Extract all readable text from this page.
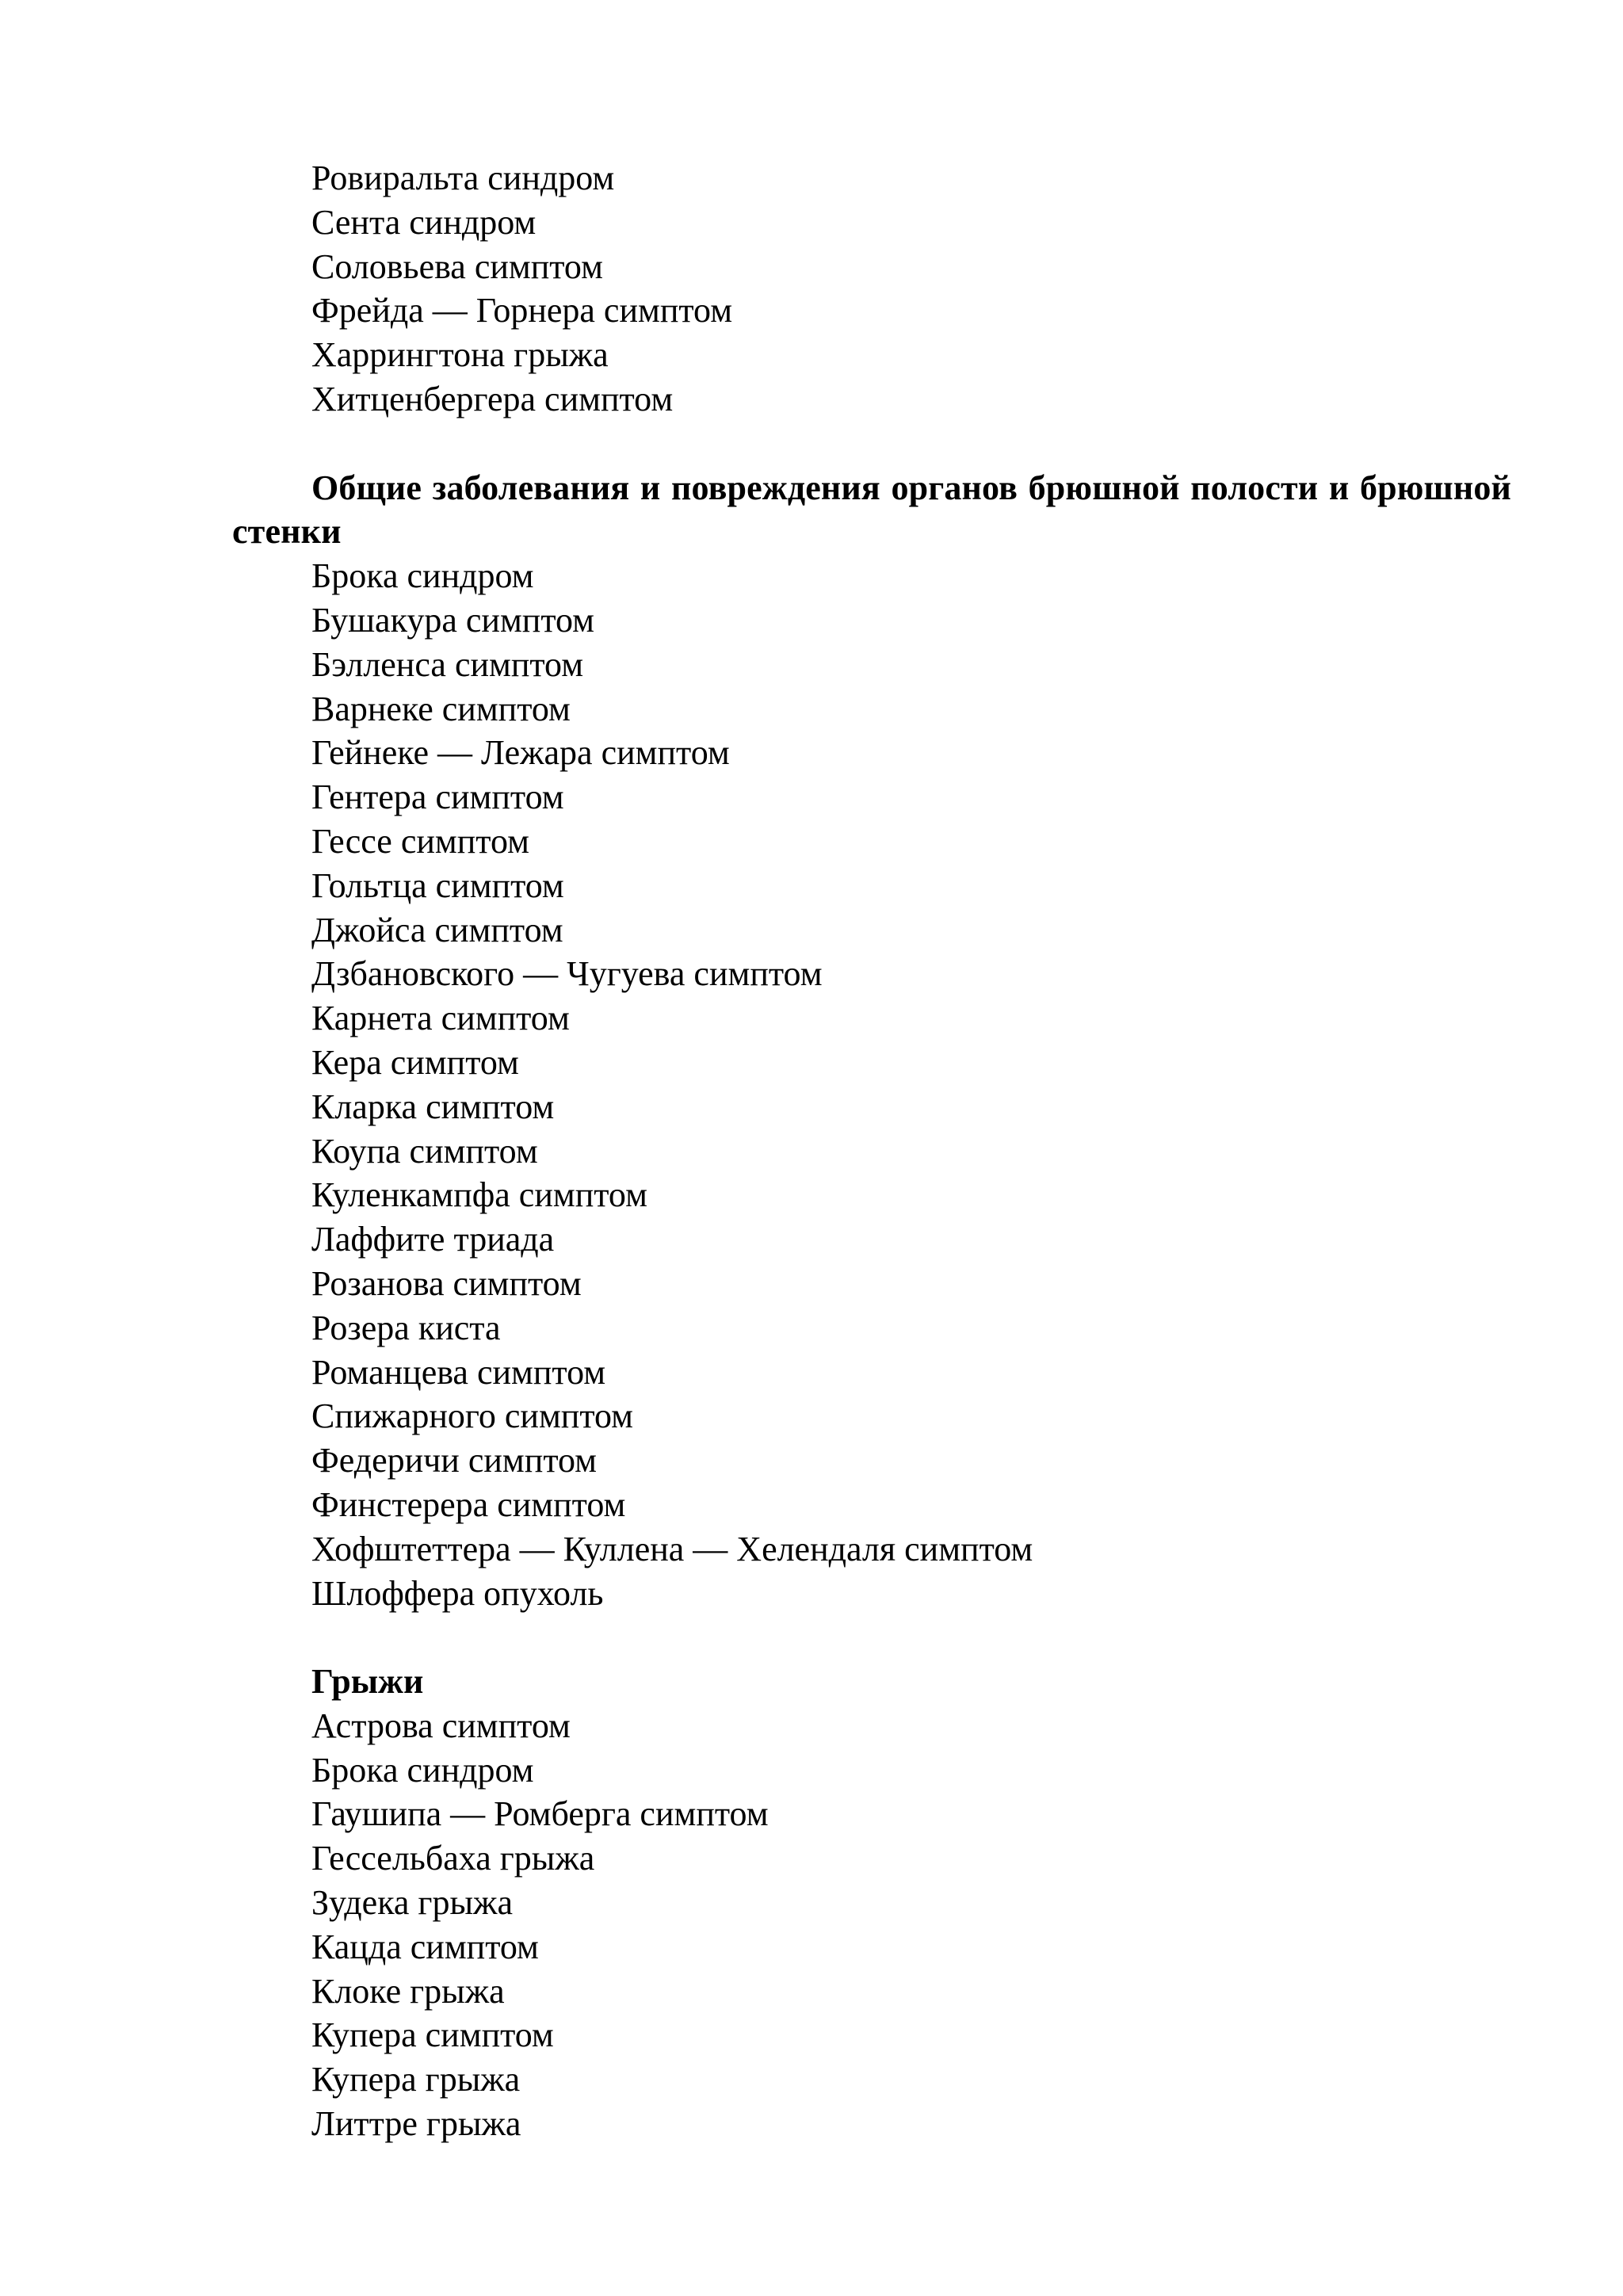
Ровиральта синдром

Сента синдром

Соловьева симптом

Фрейда — Горнера симптом

Харрингтона грыжа

Хитценбергера симптом

Общие заболевания и повреждения органов брюшной полости и брюшной стенки

Брока синдром

Бушакура симптом

Бэлленса симптом

Варнеке симптом

Гейнеке — Лежара симптом

Гентера симптом

Гессе симптом

Гольтца симптом

Джойса симптом

Дзбановского — Чугуева симптом

Карнета симптом

Кера симптом

Кларка симптом

Коупа симптом

Куленкампфа симптом

Лаффите триада

Розанова симптом

Розера киста

Романцева симптом

Спижарного симптом

Федеричи симптом

Финстерера симптом

Хофштеттера — Куллена — Хелендаля симптом

Шлоффера опухоль

Грыжи

Астрова симптом

Брока синдром

Гаушипа — Ромберга симптом

Гессельбаха грыжа

Зудека грыжа

Кацда симптом

Клоке грыжа

Купера симптом

Купера грыжа

Литтре грыжа
